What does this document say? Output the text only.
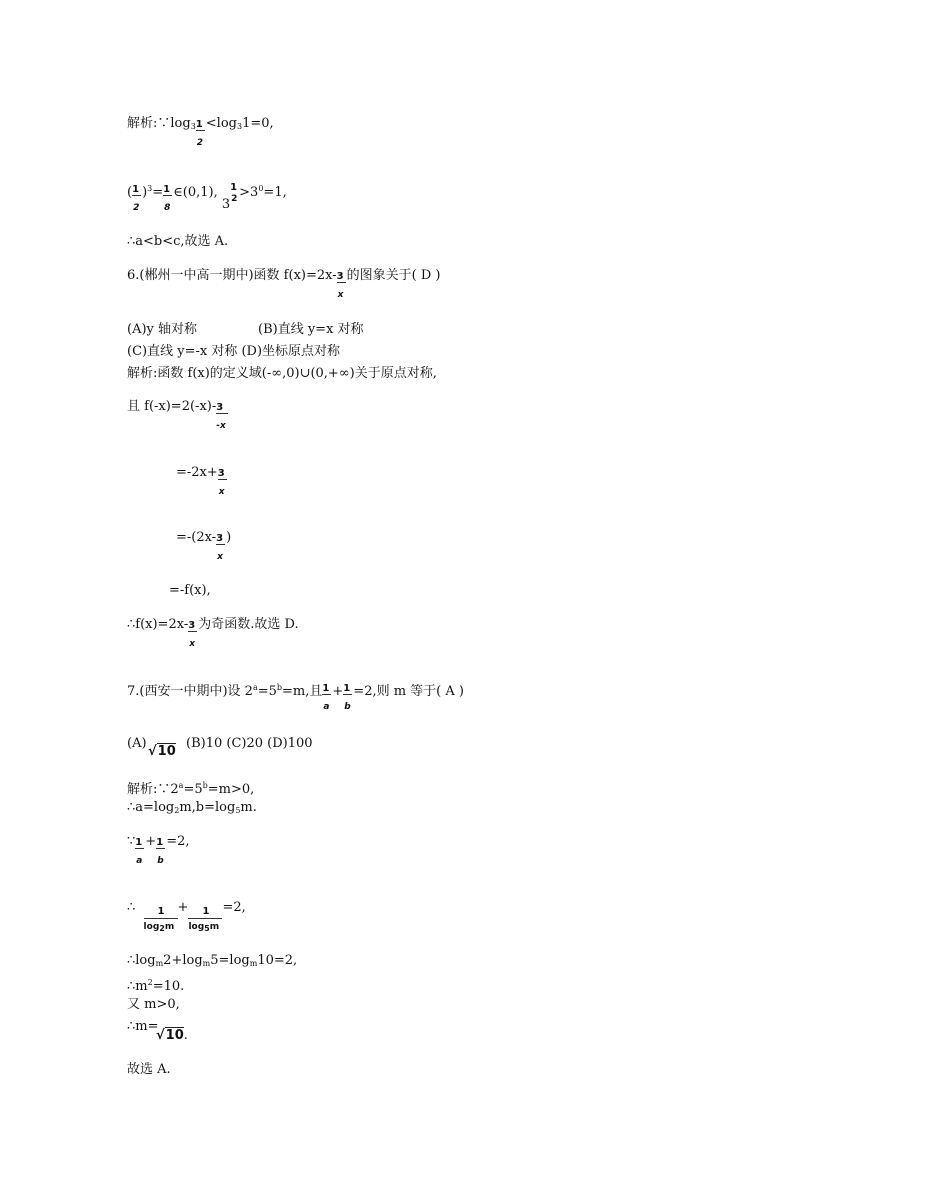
解析$:\because\log_3\frac{1}{2} <\log_31=0$,
$(\frac{1}{2} )^3=\frac{1}{8}$ ∈(0,1), 31
$2 >3^0=1$,
∴a<b<c,故选 A.
6.(郴州一中高一期中)函数 $f(x)=2x-\frac{3}{x}$ 的图象关于( D )
(A)y 轴对称	(B)直线 y=x 对称
(C)直线 y=-x 对称 (D)坐标原点对称
解析:函数 f(x)的定义域(-∞,0)∪(0,+∞)关于原点对称,
且 $f(-x)=2(-x)-\frac{3}{-x}$
$=-2x+\frac{3}{x}$
$=-(2x-\frac{3}{x}$ )
=-f(x),
$\therefore f(x)=2x-\frac{3}{x}$ 为奇函数.故选 D.
7.(西安一中期中)设 $2^a=5^b=m$,且$\frac{1}{a} +\frac{1}{b} =2$,则 m 等于( A )
(A)
√10
(B)10 (C)20 (D)100
解析$:\because 2^a=5^b=m>0$,
$\therefore a=\log_2m,b=\log_5m$.
$\because\frac{1}{a} +\frac{1}{b} =2$,
∴
$\frac{1}{\log_2m}$
+
$\frac{1}{\log_5m}$
=2,
$\therefore\log_m2+\log_m5=\log_m10=2$,
$\therefore m^2=10$.
又 m>0,
∴m=
√10.
故选 A.
